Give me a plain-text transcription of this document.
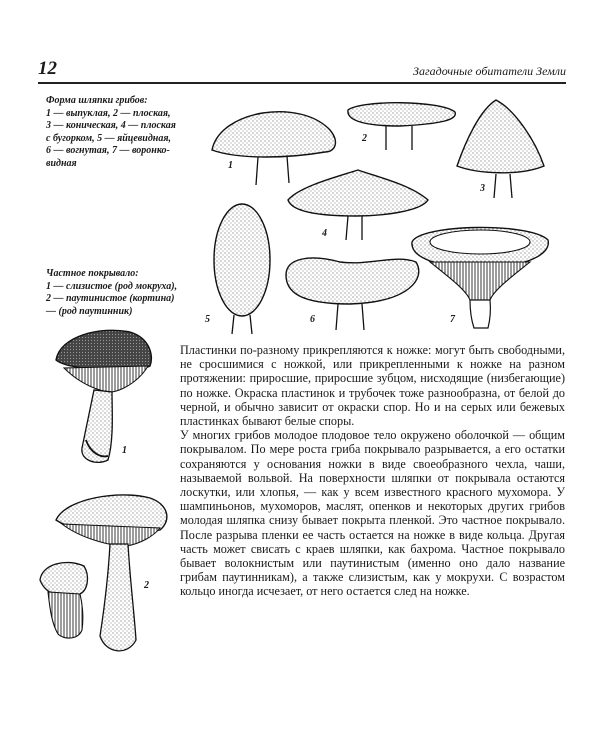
12	Загадочные обитатели Земли
Форма шляпки грибов:
1 — выпуклая, 2 — плоская,
3 — коническая, 4 — плоская
с бугорком, 5 — яйцевидная,
6 — вогнутая, 7 — воронко-
видная
Частное покрывало:
1 — слизистое (род мокруха),
2 — паутинистое (кортина)
— (род паутинник)
1
2
3
4
5	6	7
1
2

Пластинки по-разному прикрепляются к ножке: могут быть свободными, не сросшимися с ножкой, или прикрепленными к ножке на разном протяжении: приросшие, приросшие зубцом, нисходящие (низбегающие) по ножке. Окраска пластинок и трубочек тоже разнообразна, от белой до черной, и обычно зависит от окраски спор. Но и на серых или бежевых пластинках бывают белые споры.

У многих грибов молодое плодовое тело окружено оболочкой — общим покрывалом. По мере роста гриба покрывало разрывается, а его остатки сохраняются у основания ножки в виде своеобразного чехла, чаши, называемой вольвой. На поверхности шляпки от покрывала остаются лоскутки, или хлопья, — как у всем известного красного мухомора. У шампиньонов, мухоморов, маслят, опенков и некоторых других грибов молодая шляпка снизу бывает покрыта пленкой. Это частное покрывало. После разрыва пленки ее часть остается на ножке в виде кольца. Другая часть может свисать с краев шляпки, как бахрома. Частное покрывало бывает волокнистым или паутинистым (именно оно дало название грибам паутинникам), а также слизистым, как у мокрухи. С возрастом кольцо иногда исчезает, от него остается след на ножке.
